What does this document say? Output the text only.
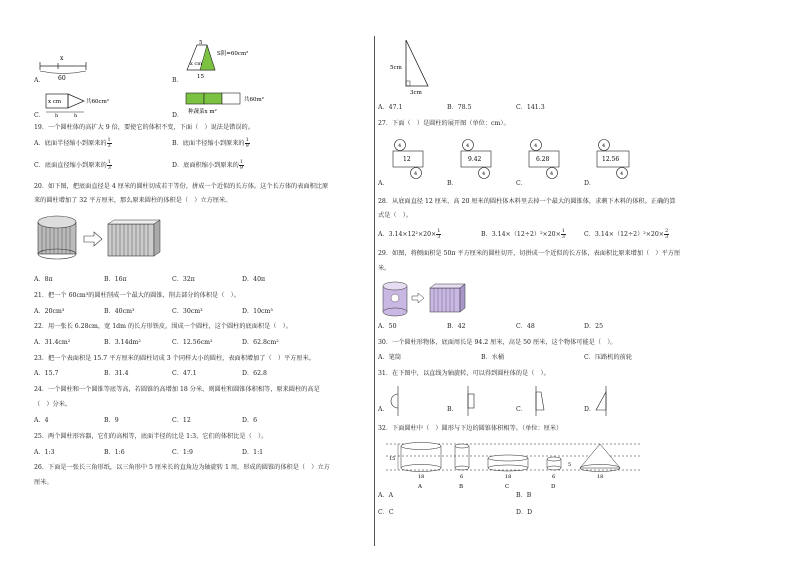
x
60
A．
5
x cm
S阴=60cm²
15
B．
x cm	共60cm³
h	h
C．
共60m²
种蔬菜x m²
D．
19．一个圆柱体的高扩大 9 倍，要使它的体积不变，下面（　）说法是错误的。
A．底面半径缩小到原来的 $\frac{1}{3}$	B．底面半径缩小到原来的 $\frac{1}{9}$
C．底面直径缩小到原来的 $\frac{1}{3}$	D．底面积缩小到原来的 $\frac{1}{9}$
20．如下图，把底面直径是 4 厘米的圆柱切成若干等份，拼成一个近似的长方体。这个长方体的表面积比原
来的圆柱增加了 32 平方厘米，那么原来圆柱的体积是（　）立方厘米。
A．8π	B．16π	C．32π	D．40π
21．把一个 60cm³的圆柱削成一个最大的圆锥，削去部分的体积是（　）。
A．20cm³	B．40cm³	C．30cm³	D．10cm³
22．用一张长 6.28cm，宽 1dm 的长方形铁皮，围成一个圆柱，这个圆柱的底面积是（　）。
A．31.4cm²	B．3.14dm²	C．12.56cm²	D．62.8cm²
23．把一个表面积是 15.7 平方厘米的圆柱切成 3 个同样大小的圆柱，表面积增加了（　）平方厘米。
A．15.7	B．31.4	C．47.1	D．62.8
24．一个圆柱和一个圆锥等底等高，若圆锥的高增加 18 分米，则圆柱和圆锥体积相等，原来圆柱的高是
（　）分米。
A．4	B．9	C．12	D．6
25．两个圆柱形容器，它们的高相等，底面半径的比是 1:3，它们的体积比是（　）。
A．1:3	B．1:6	C．1:9	D．1:1
26．下面是一张长三角形纸，以三角形中 5 厘米长的直角边为轴旋转 1 周，形成的圆锥的体积是（　）立方
厘米。
5cm
3cm
A．47.1	B．78.5	C．141.3
27．下面（　）是圆柱的展开图（单位：cm）。
4
12
4
4
9.42
4
4
6.28
4
4
12.56
4
A．	B．	C．	D．
28．从底面直径 12 厘米，高 20 厘米的圆柱体木料里去掉一个最大的圆锥体，求剩下木料的体积。正确的算
式是（　）。
A．$3.14\times 12^2\times 20\times \frac{1}{3}$	B．$3.14\times(12\div 2)^2\times 20\times \frac{1}{3}$	C．$3.14\times(12\div 2)^2\times 20\times \frac{2}{3}$
29．如图，将侧面积是 50π 平方厘米的圆柱切开，切拼成一个近似的长方体，表面积比原来增加（　）平方厘
米。
A．50	B．42	C．48	D．25
30．一个圆柱形物体，底面周长是 94.2 厘米，高是 50 厘米，这个物体可能是（　）。
A．笔筒	B．水桶	C．压路机的前轮
31．在下图中，以直线为轴旋转，可以得到圆柱体的是（　）。
A．	B．	C．	D．
32．下面圆柱中（　）圆形与下边的圆锥体积相等。（单位：厘米）
15
18
A
6
B
18
C
6
D
5
18
A．A	B．B
C．C	D．D
